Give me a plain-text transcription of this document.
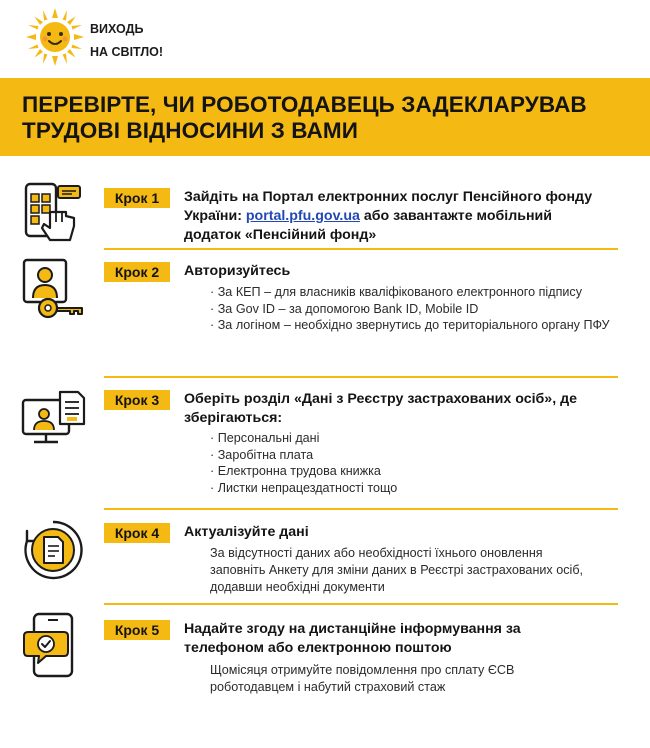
ВИХОДЬ
НА СВІТЛО!
ПЕРЕВІРТЕ, ЧИ РОБОТОДАВЕЦЬ ЗАДЕКЛАРУВАВ ТРУДОВІ ВІДНОСИНИ З ВАМИ
Крок 1	Зайдіть на Портал електронних послуг Пенсійного фонду України: portal.pfu.gov.ua або завантажте мобільний додаток «Пенсійний фонд»
Крок 2	Авторизуйтесь
· За КЕП – для власників кваліфікованого електронного підпису
· За Gov ID – за допомогою Bank ID, Mobile ID
· За логіном – необхідно звернутись до територіального органу ПФУ
Крок 3	Оберіть розділ «Дані з Реєстру застрахованих осіб», де зберігаються:
· Персональні дані
· Заробітна плата
· Електронна трудова книжка
· Листки непрацездатності тощо
Крок 4	Актуалізуйте дані
За відсутності даних або необхідності їхнього оновлення заповніть Анкету для зміни даних в Реєстрі застрахованих осіб, додавши необхідні документи
Крок 5	Надайте згоду на дистанційне інформування за телефоном або електронною поштою
Щомісяця отримуйте повідомлення про сплату ЄСВ роботодавцем і набутий страховий стаж
